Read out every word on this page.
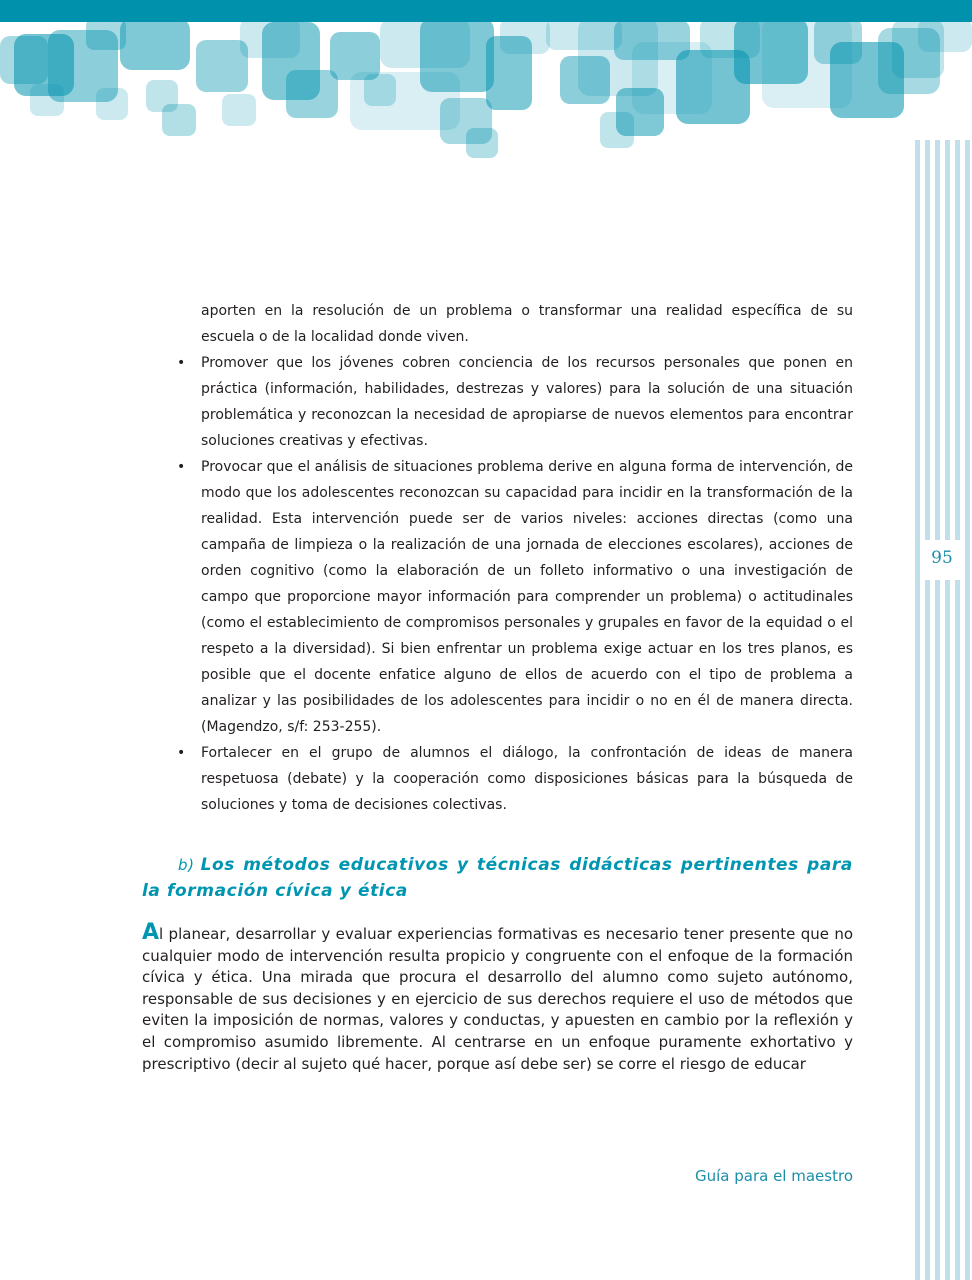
95
aporten en la resolución de un problema o transformar una realidad específica de su escuela o de la localidad donde viven.
• Promover que los jóvenes cobren conciencia de los recursos personales que ponen en práctica (información, habilidades, destrezas y valores) para la solución de una situación problemática y reconozcan la necesidad de apropiarse de nuevos elementos para encontrar soluciones creativas y efectivas.
• Provocar que el análisis de situaciones problema derive en alguna forma de intervención, de modo que los adolescentes reconozcan su capacidad para incidir en la transformación de la realidad. Esta intervención puede ser de varios niveles: acciones directas (como una campaña de limpieza o la realización de una jornada de elecciones escolares), acciones de orden cognitivo (como la elaboración de un folleto informativo o una investigación de campo que proporcione mayor información para comprender un problema) o actitudinales (como el establecimiento de compromisos personales y grupales en favor de la equidad o el respeto a la diversidad). Si bien enfrentar un problema exige actuar en los tres planos, es posible que el docente enfatice alguno de ellos de acuerdo con el tipo de problema a analizar y las posibilidades de los adolescentes para incidir o no en él de manera directa. (Magendzo, s/f: 253-255).
• Fortalecer en el grupo de alumnos el diálogo, la confrontación de ideas de manera respetuosa (debate) y la cooperación como disposiciones básicas para la búsqueda de soluciones y toma de decisiones colectivas.
b) Los métodos educativos y técnicas didácticas pertinentes para la formación cívica y ética
Al planear, desarrollar y evaluar experiencias formativas es necesario tener presente que no cualquier modo de intervención resulta propicio y congruente con el enfoque de la formación cívica y ética. Una mirada que procura el desarrollo del alumno como sujeto autónomo, responsable de sus decisiones y en ejercicio de sus derechos requiere el uso de métodos que eviten la imposición de normas, valores y conductas, y apuesten en cambio por la reflexión y el compromiso asumido libremente. Al centrarse en un enfoque puramente exhortativo y prescriptivo (decir al sujeto qué hacer, porque así debe ser) se corre el riesgo de educar
Guía para el maestro
